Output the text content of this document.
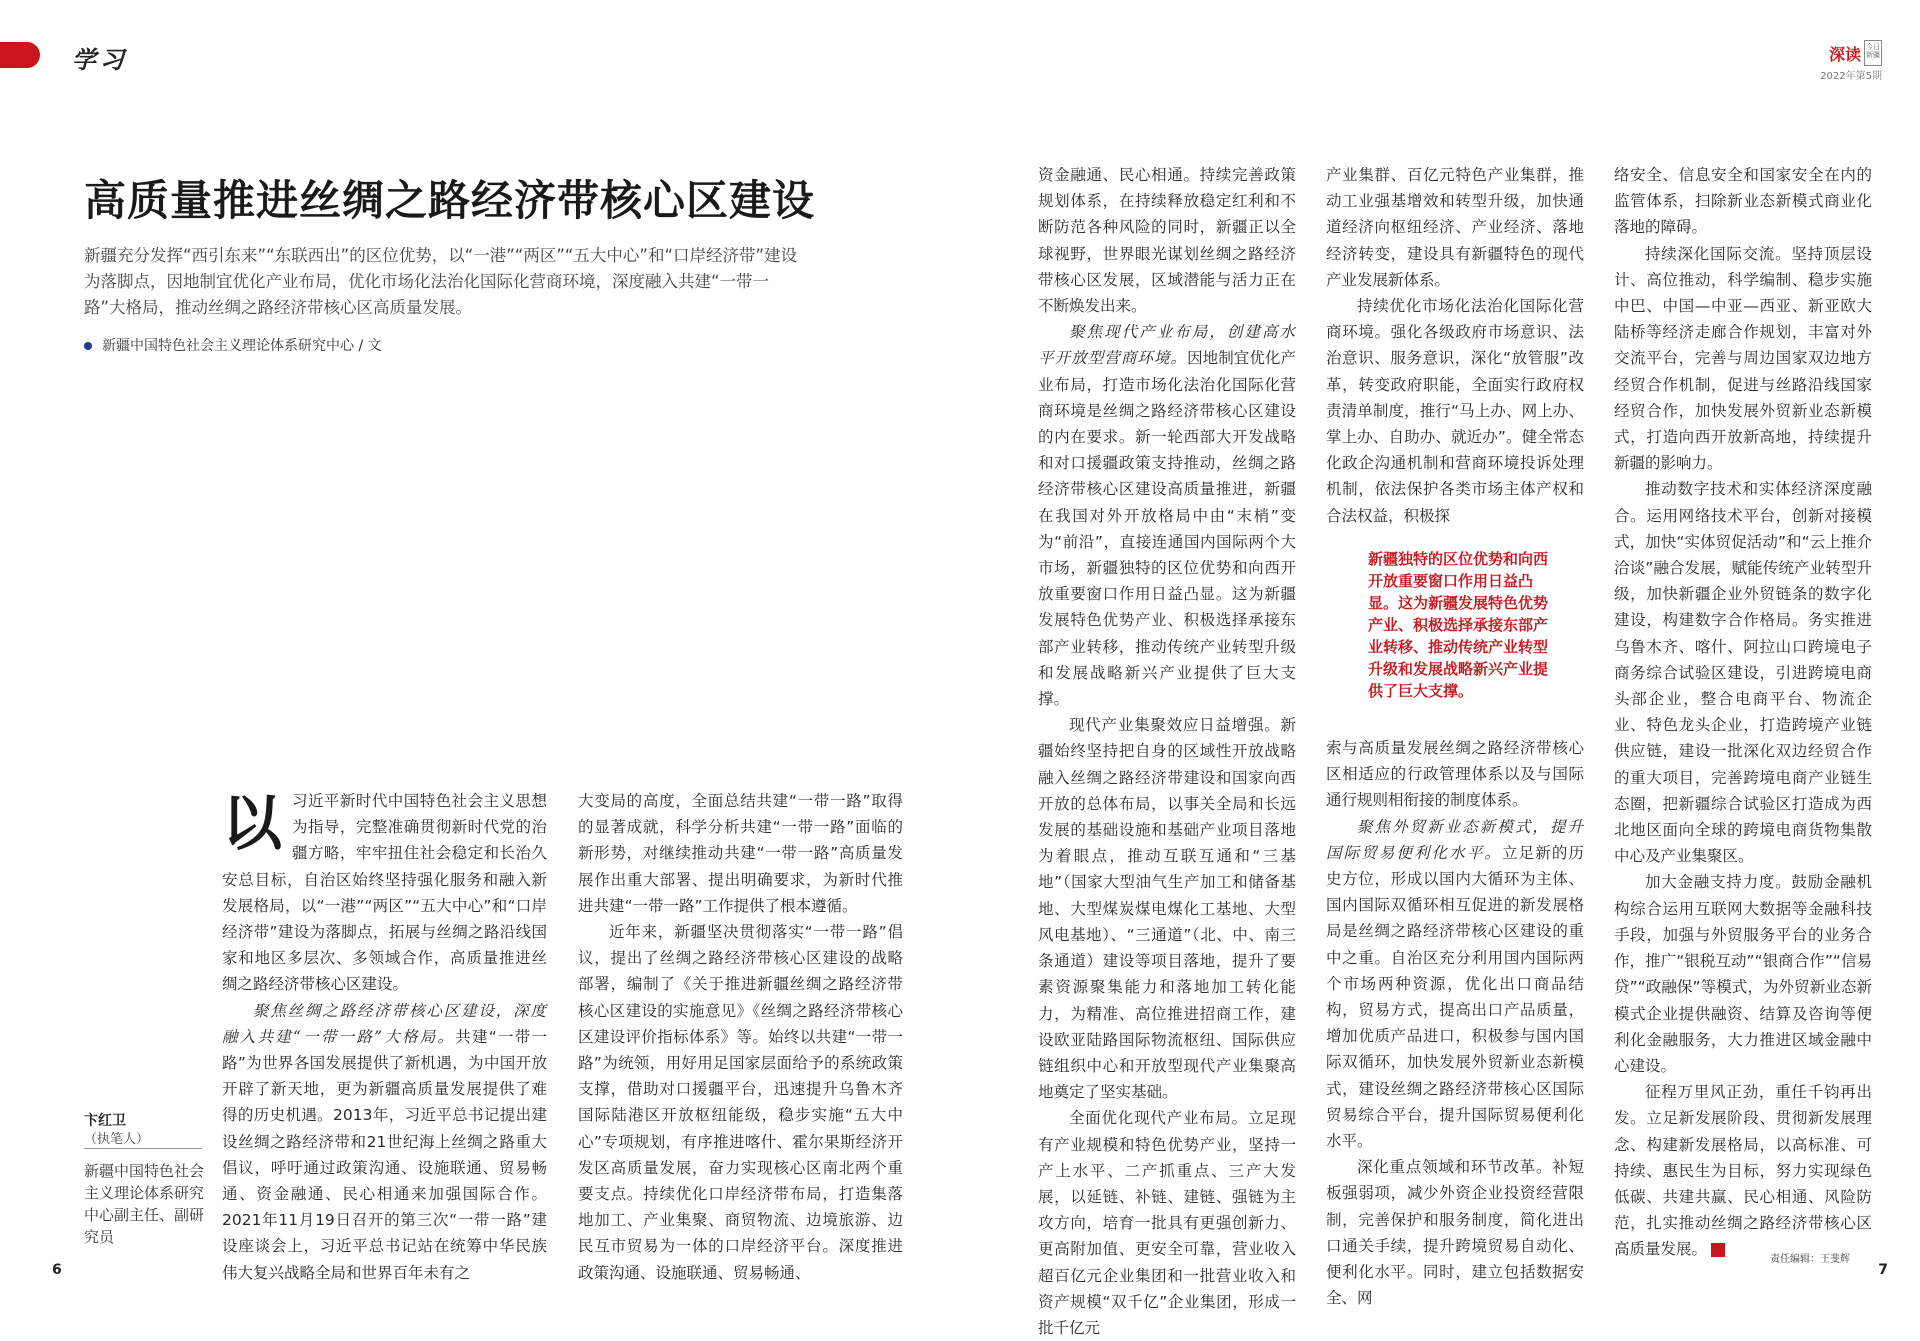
学习	深读 今日新疆
2022年第5期
高质量推进丝绸之路经济带核心区建设
新疆充分发挥“西引东来”“东联西出”的区位优势，以“一港”“两区”“五大中心”和“口岸经济带”建设为落脚点，因地制宜优化产业布局，优化市场化法治化国际化营商环境，深度融入共建“一带一路”大格局，推动丝绸之路经济带核心区高质量发展。
新疆中国特色社会主义理论体系研究中心 / 文

以习近平新时代中国特色社会主义思想为指导，完整准确贯彻新时代党的治疆方略，牢牢扭住社会稳定和长治久安总目标，自治区始终坚持强化服务和融入新发展格局，以“一港”“两区”“五大中心”和“口岸经济带”建设为落脚点，拓展与丝绸之路沿线国家和地区多层次、多领域合作，高质量推进丝绸之路经济带核心区建设。

聚焦丝绸之路经济带核心区建设，深度融入共建“一带一路”大格局。共建“一带一路”为世界各国发展提供了新机遇，为中国开放开辟了新天地，更为新疆高质量发展提供了难得的历史机遇。2013年，习近平总书记提出建设丝绸之路经济带和21世纪海上丝绸之路重大倡议，呼吁通过政策沟通、设施联通、贸易畅通、资金融通、民心相通来加强国际合作。2021年11月19日召开的第三次“一带一路”建设座谈会上，习近平总书记站在统筹中华民族伟大复兴战略全局和世界百年未有之

大变局的高度，全面总结共建“一带一路”取得的显著成就，科学分析共建“一带一路”面临的新形势，对继续推动共建“一带一路”高质量发展作出重大部署、提出明确要求，为新时代推进共建“一带一路”工作提供了根本遵循。

近年来，新疆坚决贯彻落实“一带一路”倡议，提出了丝绸之路经济带核心区建设的战略部署，编制了《关于推进新疆丝绸之路经济带核心区建设的实施意见》《丝绸之路经济带核心区建设评价指标体系》等。始终以共建“一带一路”为统领，用好用足国家层面给予的系统政策支撑，借助对口援疆平台，迅速提升乌鲁木齐国际陆港区开放枢纽能级，稳步实施“五大中心”专项规划，有序推进喀什、霍尔果斯经济开发区高质量发展，奋力实现核心区南北两个重要支点。持续优化口岸经济带布局，打造集落地加工、产业集聚、商贸物流、边境旅游、边民互市贸易为一体的口岸经济平台。深度推进政策沟通、设施联通、贸易畅通、

资金融通、民心相通。持续完善政策规划体系，在持续释放稳定红利和不断防范各种风险的同时，新疆正以全球视野，世界眼光谋划丝绸之路经济带核心区发展，区域潜能与活力正在不断焕发出来。

聚焦现代产业布局，创建高水平开放型营商环境。因地制宜优化产业布局，打造市场化法治化国际化营商环境是丝绸之路经济带核心区建设的内在要求。新一轮西部大开发战略和对口援疆政策支持推动，丝绸之路经济带核心区建设高质量推进，新疆在我国对外开放格局中由“末梢”变为“前沿”，直接连通国内国际两个大市场，新疆独特的区位优势和向西开放重要窗口作用日益凸显。这为新疆发展特色优势产业、积极选择承接东部产业转移，推动传统产业转型升级和发展战略新兴产业提供了巨大支撑。

现代产业集聚效应日益增强。新疆始终坚持把自身的区域性开放战略融入丝绸之路经济带建设和国家向西开放的总体布局，以事关全局和长远发展的基础设施和基础产业项目落地为着眼点，推动互联互通和“三基地”（国家大型油气生产加工和储备基地、大型煤炭煤电煤化工基地、大型风电基地）、“三通道”（北、中、南三条通道）建设等项目落地，提升了要素资源聚集能力和落地加工转化能力，为精准、高位推进招商工作，建设欧亚陆路国际物流枢纽、国际供应链组织中心和开放型现代产业集聚高地奠定了坚实基础。

全面优化现代产业布局。立足现有产业规模和特色优势产业，坚持一产上水平、二产抓重点、三产大发展，以延链、补链、建链、强链为主攻方向，培育一批具有更强创新力、更高附加值、更安全可靠，营业收入超百亿元企业集团和一批营业收入和资产规模“双千亿”企业集团，形成一批千亿元

产业集群、百亿元特色产业集群，推动工业强基增效和转型升级，加快通道经济向枢纽经济、产业经济、落地经济转变，建设具有新疆特色的现代产业发展新体系。

持续优化市场化法治化国际化营商环境。强化各级政府市场意识、法治意识、服务意识，深化“放管服”改革，转变政府职能，全面实行政府权责清单制度，推行“马上办、网上办、掌上办、自助办、就近办”。健全常态化政企沟通机制和营商环境投诉处理机制，依法保护各类市场主体产权和合法权益，积极探

新疆独特的区位优势和向西开放重要窗口作用日益凸显。这为新疆发展特色优势产业、积极选择承接东部产业转移、推动传统产业转型升级和发展战略新兴产业提供了巨大支撑。

索与高质量发展丝绸之路经济带核心区相适应的行政管理体系以及与国际通行规则相衔接的制度体系。

聚焦外贸新业态新模式，提升国际贸易便利化水平。立足新的历史方位，形成以国内大循环为主体、国内国际双循环相互促进的新发展格局是丝绸之路经济带核心区建设的重中之重。自治区充分利用国内国际两个市场两种资源，优化出口商品结构，贸易方式，提高出口产品质量，增加优质产品进口，积极参与国内国际双循环，加快发展外贸新业态新模式，建设丝绸之路经济带核心区国际贸易综合平台，提升国际贸易便利化水平。

深化重点领域和环节改革。补短板强弱项，减少外资企业投资经营限制，完善保护和服务制度，简化进出口通关手续，提升跨境贸易自动化、便利化水平。同时，建立包括数据安全、网

络安全、信息安全和国家安全在内的监管体系，扫除新业态新模式商业化落地的障碍。

持续深化国际交流。坚持顶层设计、高位推动，科学编制、稳步实施中巴、中国—中亚—西亚、新亚欧大陆桥等经济走廊合作规划，丰富对外交流平台，完善与周边国家双边地方经贸合作机制，促进与丝路沿线国家经贸合作，加快发展外贸新业态新模式，打造向西开放新高地，持续提升新疆的影响力。

推动数字技术和实体经济深度融合。运用网络技术平台，创新对接模式，加快“实体贸促活动”和“云上推介洽谈”融合发展，赋能传统产业转型升级，加快新疆企业外贸链条的数字化建设，构建数字合作格局。务实推进乌鲁木齐、喀什、阿拉山口跨境电子商务综合试验区建设，引进跨境电商头部企业，整合电商平台、物流企业、特色龙头企业，打造跨境产业链供应链，建设一批深化双边经贸合作的重大项目，完善跨境电商产业链生态圈，把新疆综合试验区打造成为西北地区面向全球的跨境电商货物集散中心及产业集聚区。

加大金融支持力度。鼓励金融机构综合运用互联网大数据等金融科技手段，加强与外贸服务平台的业务合作，推广“银税互动”“银商合作”“信易贷”“政融保”等模式，为外贸新业态新模式企业提供融资、结算及咨询等便利化金融服务，大力推进区域金融中心建设。

征程万里风正劲，重任千钧再出发。立足新发展阶段、贯彻新发展理念、构建新发展格局，以高标准、可持续、惠民生为目标，努力实现绿色低碳、共建共赢、民心相通、风险防范，扎实推动丝绸之路经济带核心区高质量发展。

卞红卫
（执笔人）
新疆中国特色社会主义理论体系研究中心副主任、副研究员
6
责任编辑：王斐辉
7
